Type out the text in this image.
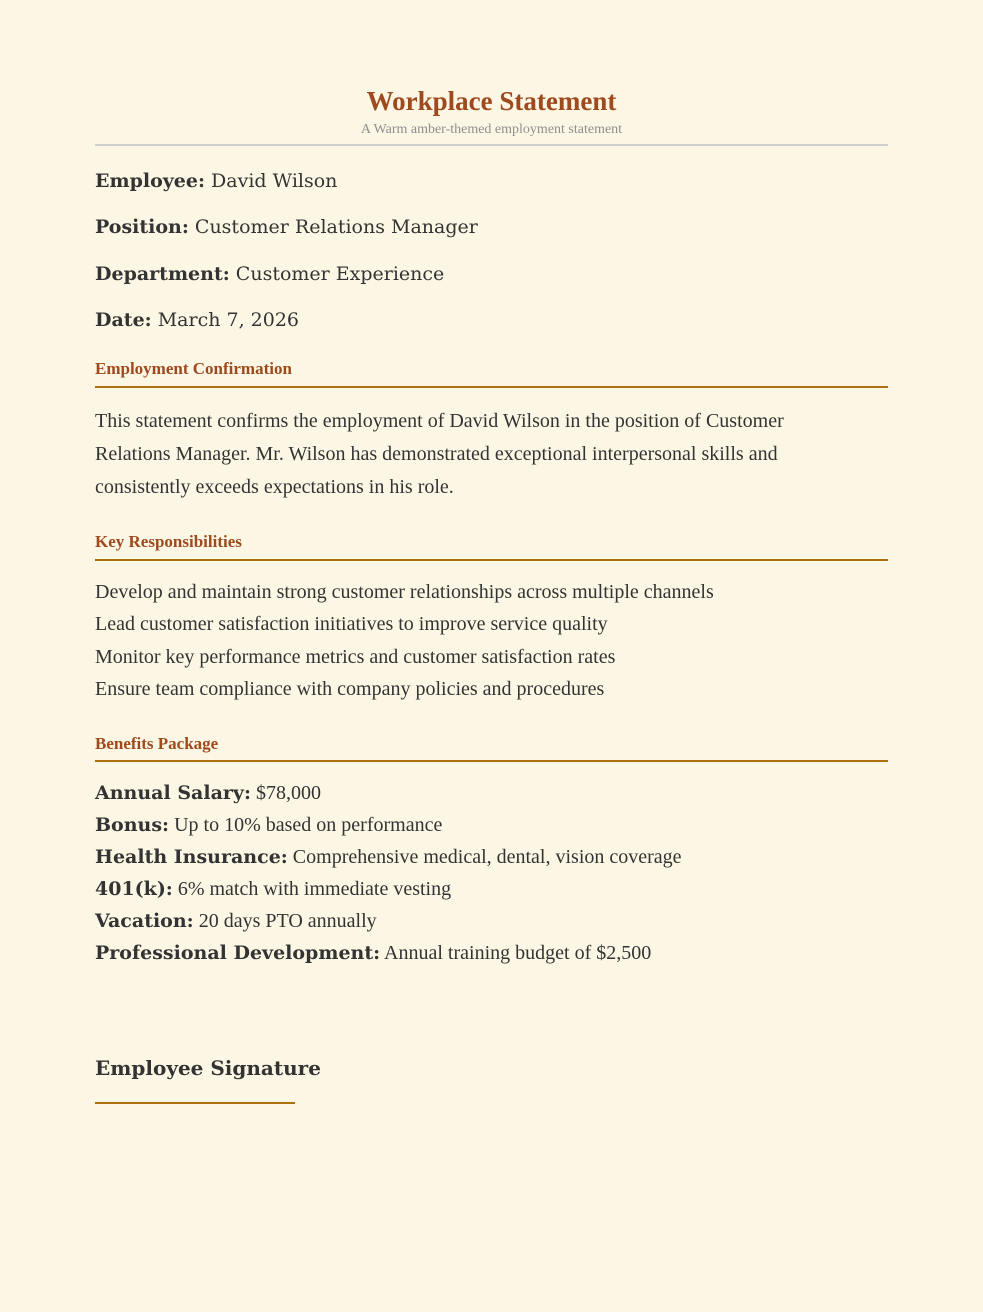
Workplace Statement

A Warm amber-themed employment statement

Employee: David Wilson

Position: Customer Relations Manager

Department: Customer Experience

Date: March 7, 2026

Employment Confirmation

This statement confirms the employment of David Wilson in the position of Customer Relations Manager. Mr. Wilson has demonstrated exceptional interpersonal skills and consistently exceeds expectations in his role.

Key Responsibilities
Develop and maintain strong customer relationships across multiple channels
Lead customer satisfaction initiatives to improve service quality
Monitor key performance metrics and customer satisfaction rates
Ensure team compliance with company policies and procedures
Benefits Package
Annual Salary: $78,000
Bonus: Up to 10% based on performance
Health Insurance: Comprehensive medical, dental, vision coverage
401(k): 6% match with immediate vesting
Vacation: 20 days PTO annually
Professional Development: Annual training budget of $2,500
Employee Signature
